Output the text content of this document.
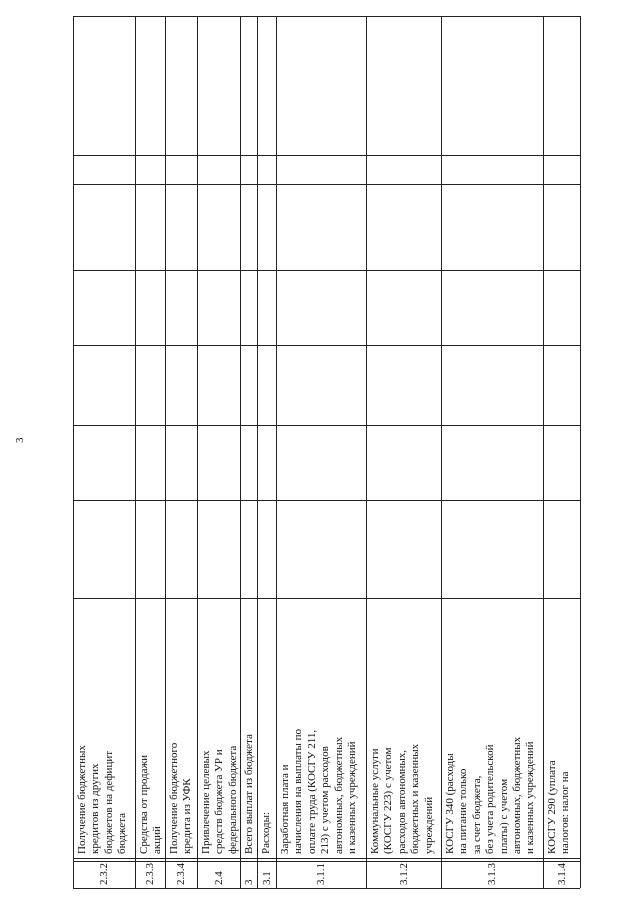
3
2.3.2
Получение бюджетных
кредитов из других
бюджетов на дефицит
бюджета
2.3.3
Средства от продажи
акций
2.3.4
Получение бюджетного
кредита из УФК
2.4
Привлечение целевых
средств бюджета УР и
федерального бюджета
3
Всего выплат из бюджета
3.1
Расходы:
3.1.1
Заработная плата и
начисления на выплаты по
оплате труда (КОСГУ 211,
213) с учетом расходов
автономных, бюджетных
и казенных учреждений
3.1.2
Коммунальные услуги
(КОСГУ 223) с учетом
расходов автономных,
бюджетных и казенных
учреждений
3.1.3
КОСГУ 340 (расходы
на питание только
за счет бюджета,
без учета родительской
платы) с учетом
автономных, бюджетных
и казенных учреждений
3.1.4
КОСГУ 290 (уплата
налогов: налог на
